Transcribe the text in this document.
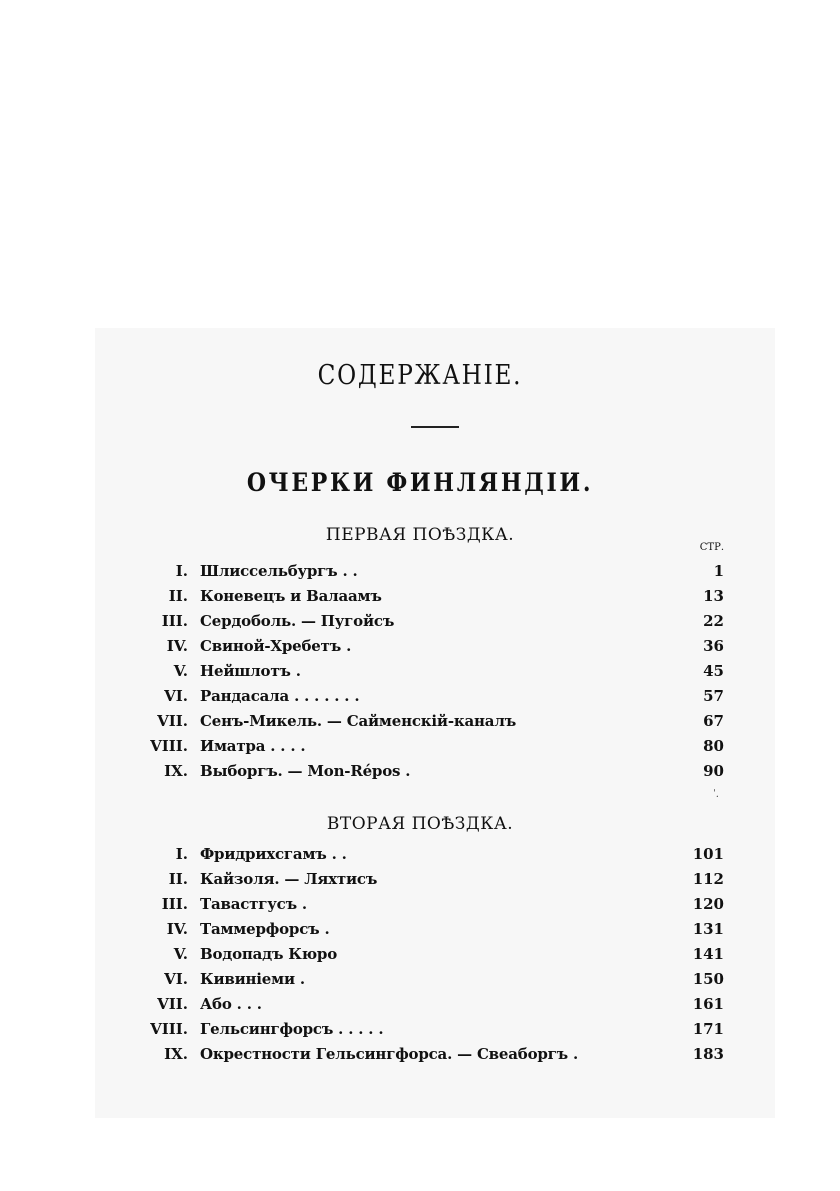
СОДЕРЖАНIЕ.
ОЧЕРКИ ФИНЛЯНДIИ.
ПЕРВАЯ ПОѢЗДКА.

СТР.

I. Шлиссельбургъ . .	1
II. Коневецъ и Валаамъ	13
III. Сердоболь. — Пугойсъ	22
IV. Свиной-Хребетъ .	36
V. Нейшлотъ .	45
VI. Рандасала . . . . . . .	57
VII. Сенъ-Микель. — Сайменскій-каналъ	67
VIII. Иматра . . . .	80
IX. Выборгъ. — Mon-Répos .	90
ˈ.
ВТОРАЯ ПОѢЗДКА.
I. Фридрихсгамъ . .	101
II. Кайзоля. — Ляхтисъ	112
III. Тавастгусъ .	120
IV. Таммерфорсъ .	131
V. Водопадъ Кюро	141
VI. Кивиніеми .	150
VII. Або . . .	161
VIII. Гельсингфорсъ . . . . .	171
IX. Окрестности Гельсингфорса. — Свеаборгъ .	183
